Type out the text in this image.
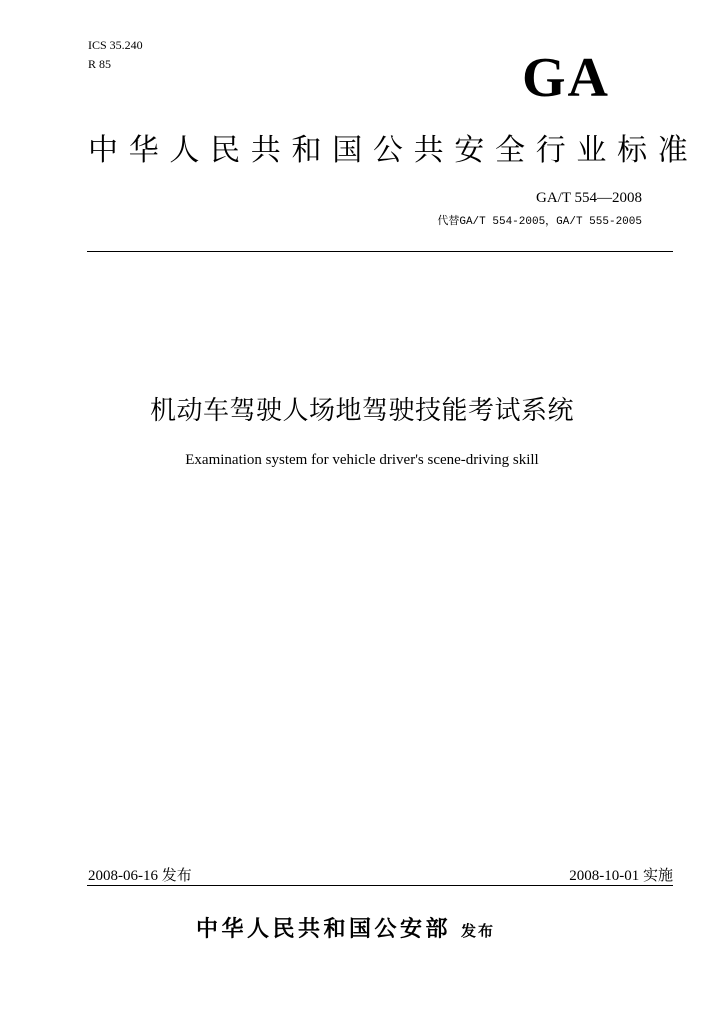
ICS 35.240
R 85	GA
中华人民共和国公共安全行业标准
GA/T 554—2008
代替GA/T 554-2005，GA/T 555-2005
机动车驾驶人场地驾驶技能考试系统
Examination system for vehicle driver's scene-driving skill
2008-06-16 发布	2008-10-01 实施
中华人民共和国公安部 发布
